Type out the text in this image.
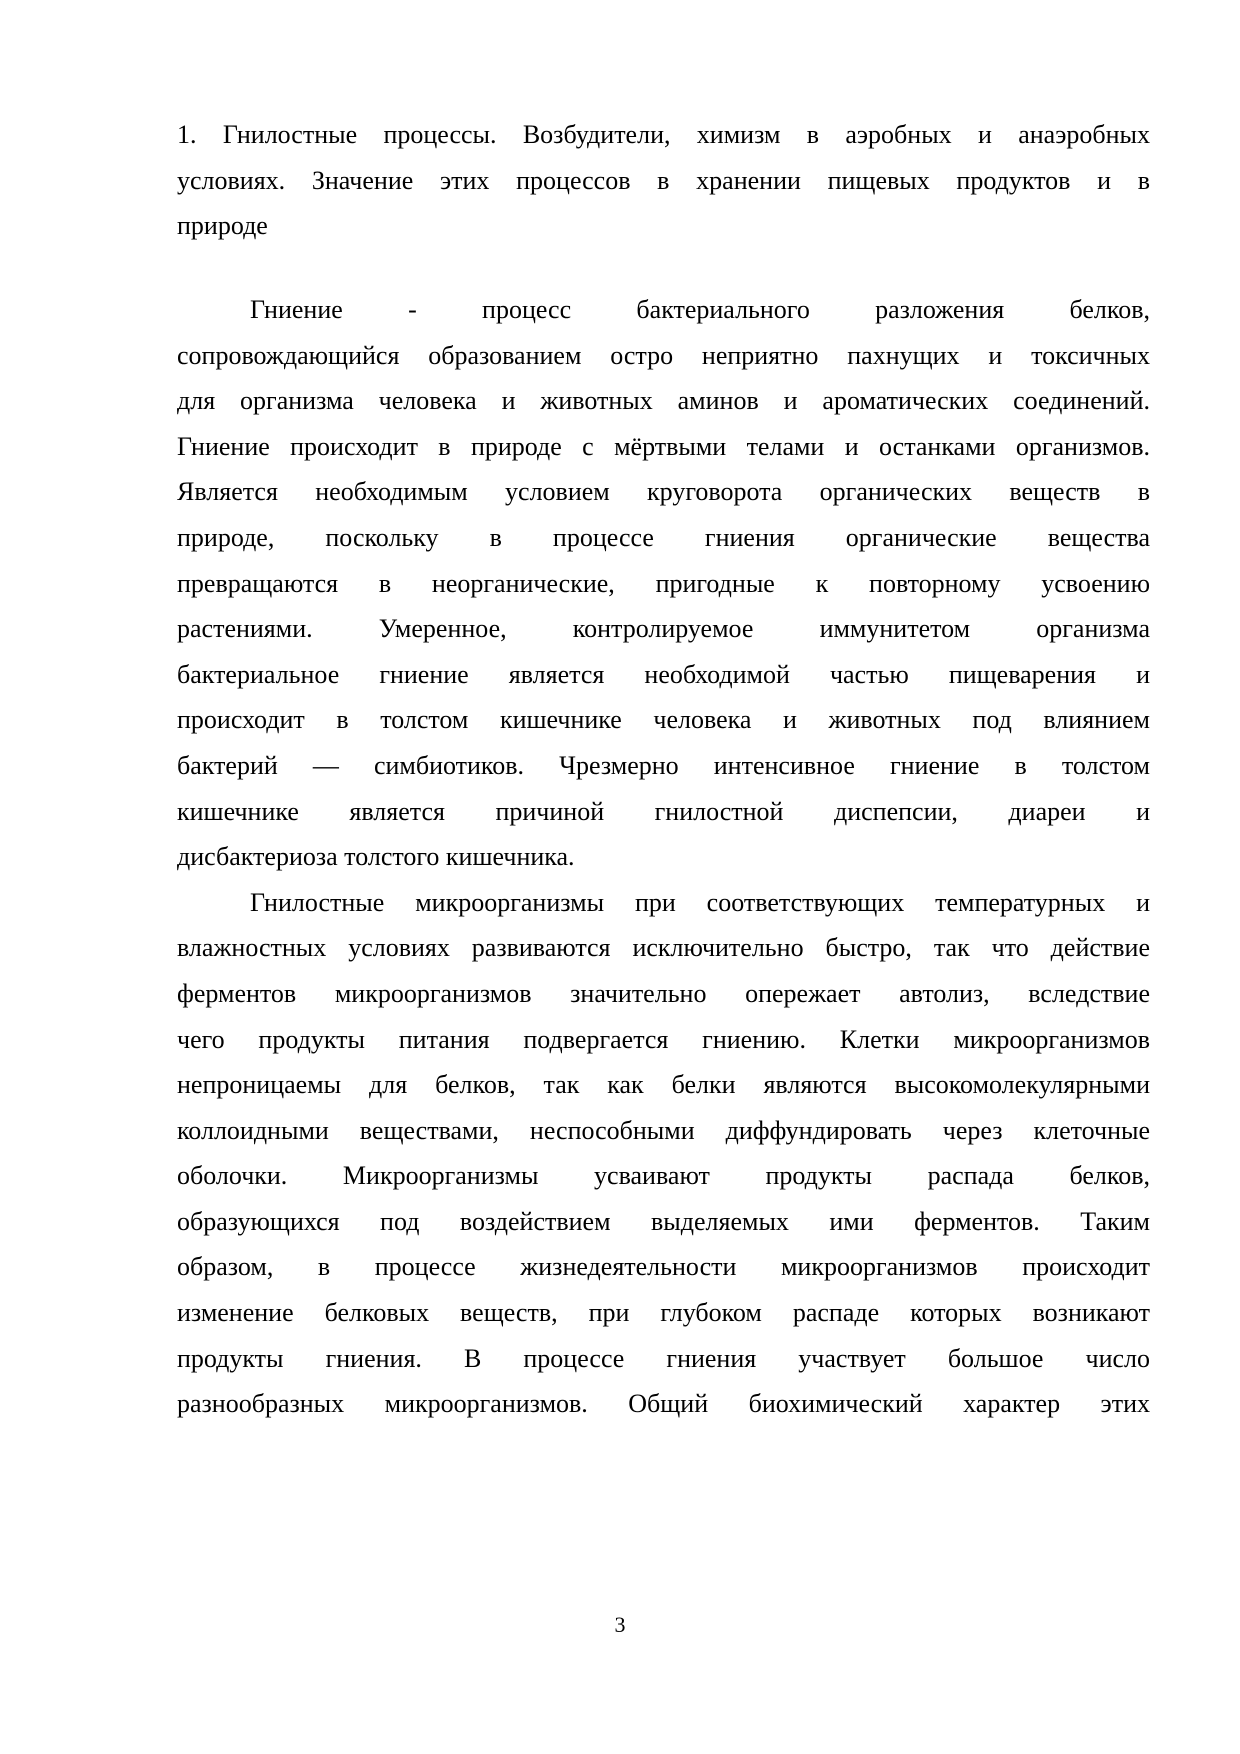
1. Гнилостные процессы. Возбудители, химизм в аэробных и анаэробных
условиях. Значение этих процессов в хранении пищевых продуктов и в
природе
Гниение - процесс бактериального разложения белков,
сопровождающийся образованием остро неприятно пахнущих и токсичных
для организма человека и животных аминов и ароматических соединений.
Гниение происходит в природе с мёртвыми телами и останками организмов.
Является необходимым условием круговорота органических веществ в
природе, поскольку в процессе гниения органические вещества
превращаются в неорганические, пригодные к повторному усвоению
растениями. Умеренное, контролируемое иммунитетом организма
бактериальное гниение является необходимой частью пищеварения и
происходит в толстом кишечнике человека и животных под влиянием
бактерий — симбиотиков. Чрезмерно интенсивное гниение в толстом
кишечнике является причиной гнилостной диспепсии, диареи и
дисбактериоза толстого кишечника.
Гнилостные микроорганизмы при соответствующих температурных и
влажностных условиях развиваются исключительно быстро, так что действие
ферментов микроорганизмов значительно опережает автолиз, вследствие
чего продукты питания подвергается гниению. Клетки микроорганизмов
непроницаемы для белков, так как белки являются высокомолекулярными
коллоидными веществами, неспособными диффундировать через клеточные
оболочки. Микроорганизмы усваивают продукты распада белков,
образующихся под воздействием выделяемых ими ферментов. Таким
образом, в процессе жизнедеятельности микроорганизмов происходит
изменение белковых веществ, при глубоком распаде которых возникают
продукты гниения. В процессе гниения участвует большое число
разнообразных микроорганизмов. Общий биохимический характер этих
3
